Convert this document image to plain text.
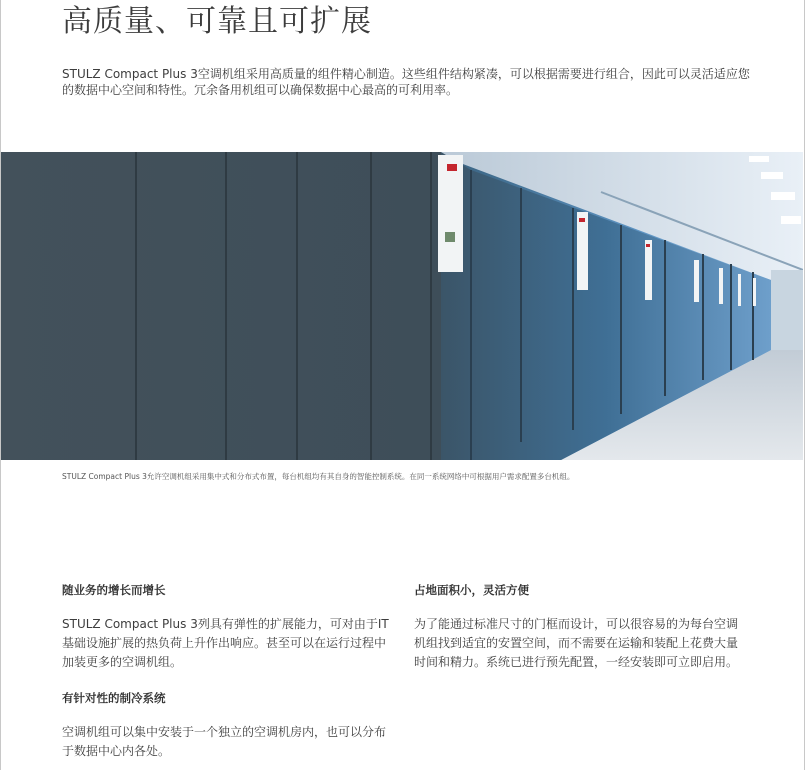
高质量、可靠且可扩展

STULZ Compact Plus 3空调机组采用高质量的组件精心制造。这些组件结构紧凑，可以根据需要进行组合，因此可以灵活适应您的数据中心空间和特性。冗余备用机组可以确保数据中心最高的可利用率。

STULZ Compact Plus 3允许空调机组采用集中式和分布式布置，每台机组均有其自身的智能控制系统。在同一系统网络中可根据用户需求配置多台机组。

随业务的增长而增长

STULZ Compact Plus 3列具有弹性的扩展能力，可对由于IT基础设施扩展的热负荷上升作出响应。甚至可以在运行过程中加装更多的空调机组。

有针对性的制冷系统

空调机组可以集中安装于一个独立的空调机房内，也可以分布于数据中心内各处。

占地面积小，灵活方便

为了能通过标准尺寸的门框而设计，可以很容易的为每台空调机组找到适宜的安置空间，而不需要在运输和装配上花费大量时间和精力。系统已进行预先配置，一经安装即可立即启用。
